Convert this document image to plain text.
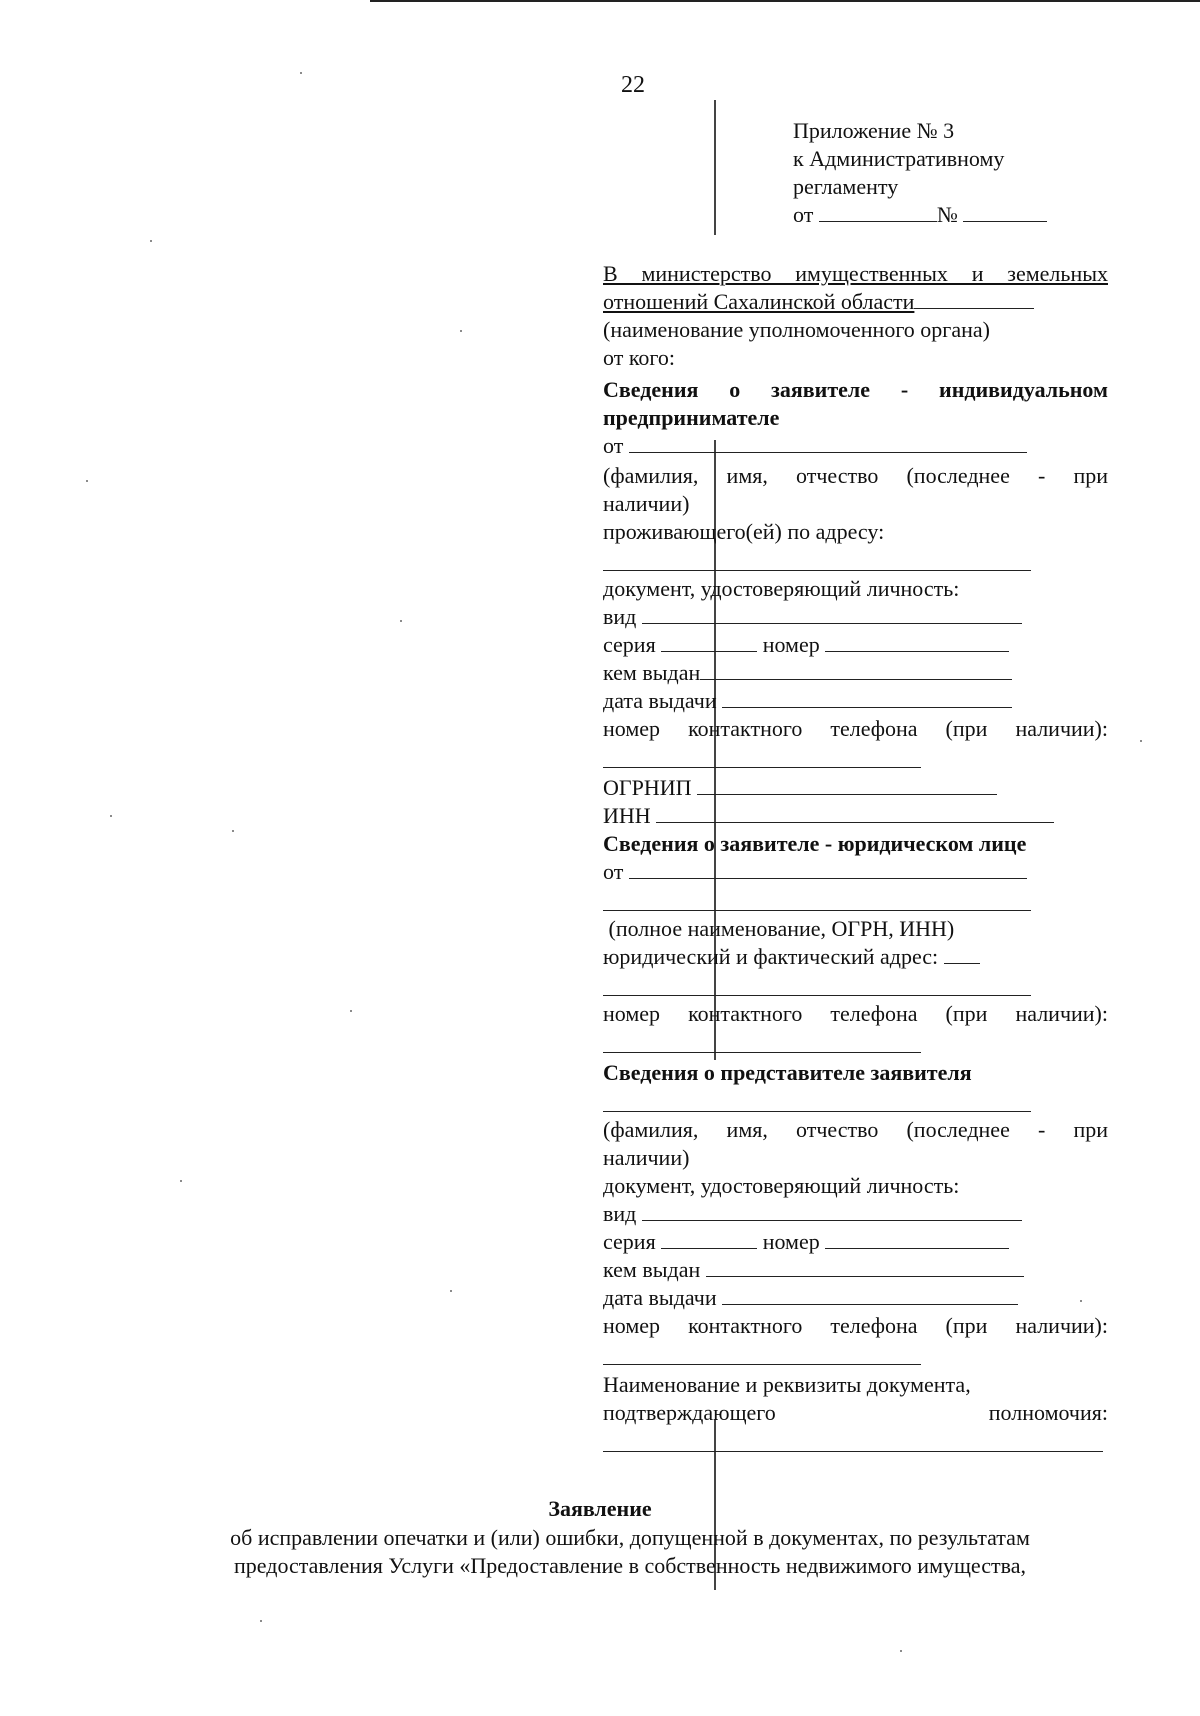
22
Приложение № 3
к Административному
регламенту
от	№
В министерство имущественных и земельных
отношений Сахалинской области
(наименование уполномоченного органа)
от кого:
Сведения о заявителе - индивидуальном
предпринимателе
от
(фамилия, имя, отчество (последнее - при
наличии)
проживающего(ей) по адресу:
документ, удостоверяющий личность:
вид
серия	номер
кем выдан
дата выдачи
номер контактного телефона (при наличии):
ОГРНИП
ИНН
Сведения о заявителе - юридическом лице
от
(полное наименование, ОГРН, ИНН)
юридический и фактический адрес:
номер контактного телефона (при наличии):
Сведения о представителе заявителя
(фамилия, имя, отчество (последнее - при
наличии)
документ, удостоверяющий личность:
вид
серия	номер
кем выдан
дата выдачи
номер контактного телефона (при наличии):
Наименование и реквизиты документа,
подтверждающего полномочия:
Заявление
об исправлении опечатки и (или) ошибки, допущенной в документах, по результатам
предоставления Услуги «Предоставление в собственность недвижимого имущества,
